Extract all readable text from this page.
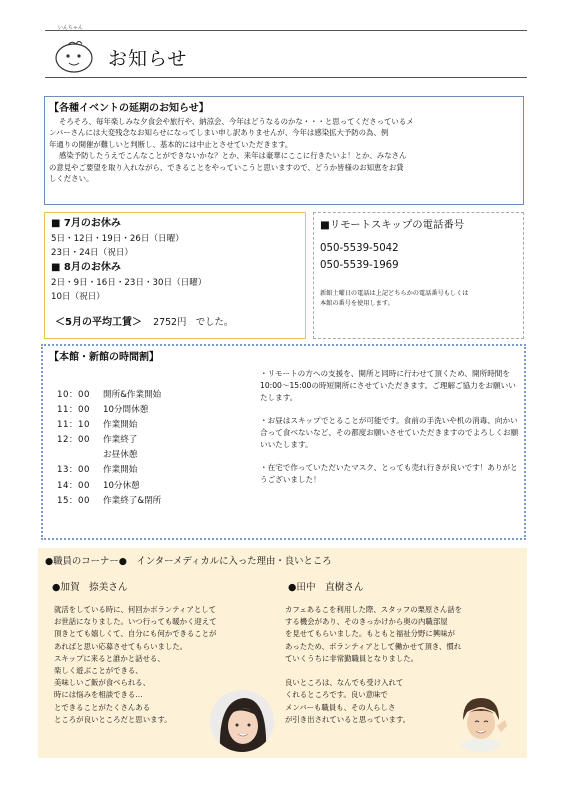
いんちゃん
お知らせ
【各種イベントの延期のお知らせ】
そろそろ、毎年楽しみな夕食会や旅行や、納涼会、今年はどうなるのかな・・・と思ってくださっているメ
ンバーさんには大変残念なお知らせになってしまい申し訳ありませんが、今年は感染拡大予防の為、例
年通りの開催が難しいと判断し、基本的には中止とさせていただきます。
感染予防したうえでこんなことができないかな？とか、来年は豪華にここに行きたいよ！とか、みなさん
の意見やご要望を取り入れながら、できることをやっていこうと思いますので、どうか皆様のお知恵をお貸
しください。
■ 7月のお休み
5日・12日・19日・26日（日曜）
23日・24日（祝日）
■ 8月のお休み
2日・9日・16日・23日・30日（日曜）
10日（祝日）
＜5月の平均工賃＞ 2752円　でした。
■リモートスキップの電話番号
050-5539-5042
050-5539-1969
新館土曜日の電話は上記どちらかの電話番号もしくは
本館の番号を使用します。
【本館・新館の時間割】
10：00 開所&作業開始
11：00 10分間休憩
11：10 作業開始
12：00 作業終了
お昼休憩
13：00 作業開始
14：00 10分休憩
15：00 作業終了&閉所

・リモートの方への支援を、開所と同時に行わせて頂くため、開所時間を10:00～15:00の時短開所にさせていただきます。ご理解ご協力をお願いいたします。

・お昼はスキップでとることが可能です。食前の手洗いや机の消毒、向かい合って食べないなど、その都度お願いさせていただきますのでよろしくお願いいたします。

・在宅で作っていただいたマスク、とっても売れ行きが良いです！ありがとうございました！

●職員のコーナー●　インターメディカルに入った理由・良いところ
●加賀　捺美さん
就活をしている時に、何回かボランティアとして
お世話になりました。いつ行っても暖かく迎えて
頂きとても嬉しくて、自分にも何かできることが
あればと思い応募させてもらいました。
スキップに来ると誰かと話せる、
楽しく遊ぶことができる、
美味しいご飯が食べられる、
時には悩みを相談できる…
とできることがたくさんある
ところが良いところだと思います。
●田中　直樹さん
カフェあるこを利用した際、スタッフの栗原さん話を
する機会があり、そのきっかけから奥の内職部屋
を見せてもらいました。もともと福祉分野に興味が
あったため、ボランティアとして働かせて頂き、慣れ
ていくうちに非常勤職員となりました。

良いところは、なんでも受け入れて
くれるところです。良い意味で
メンバーも職員も、その人らしさ
が引き出されていると思っています。
